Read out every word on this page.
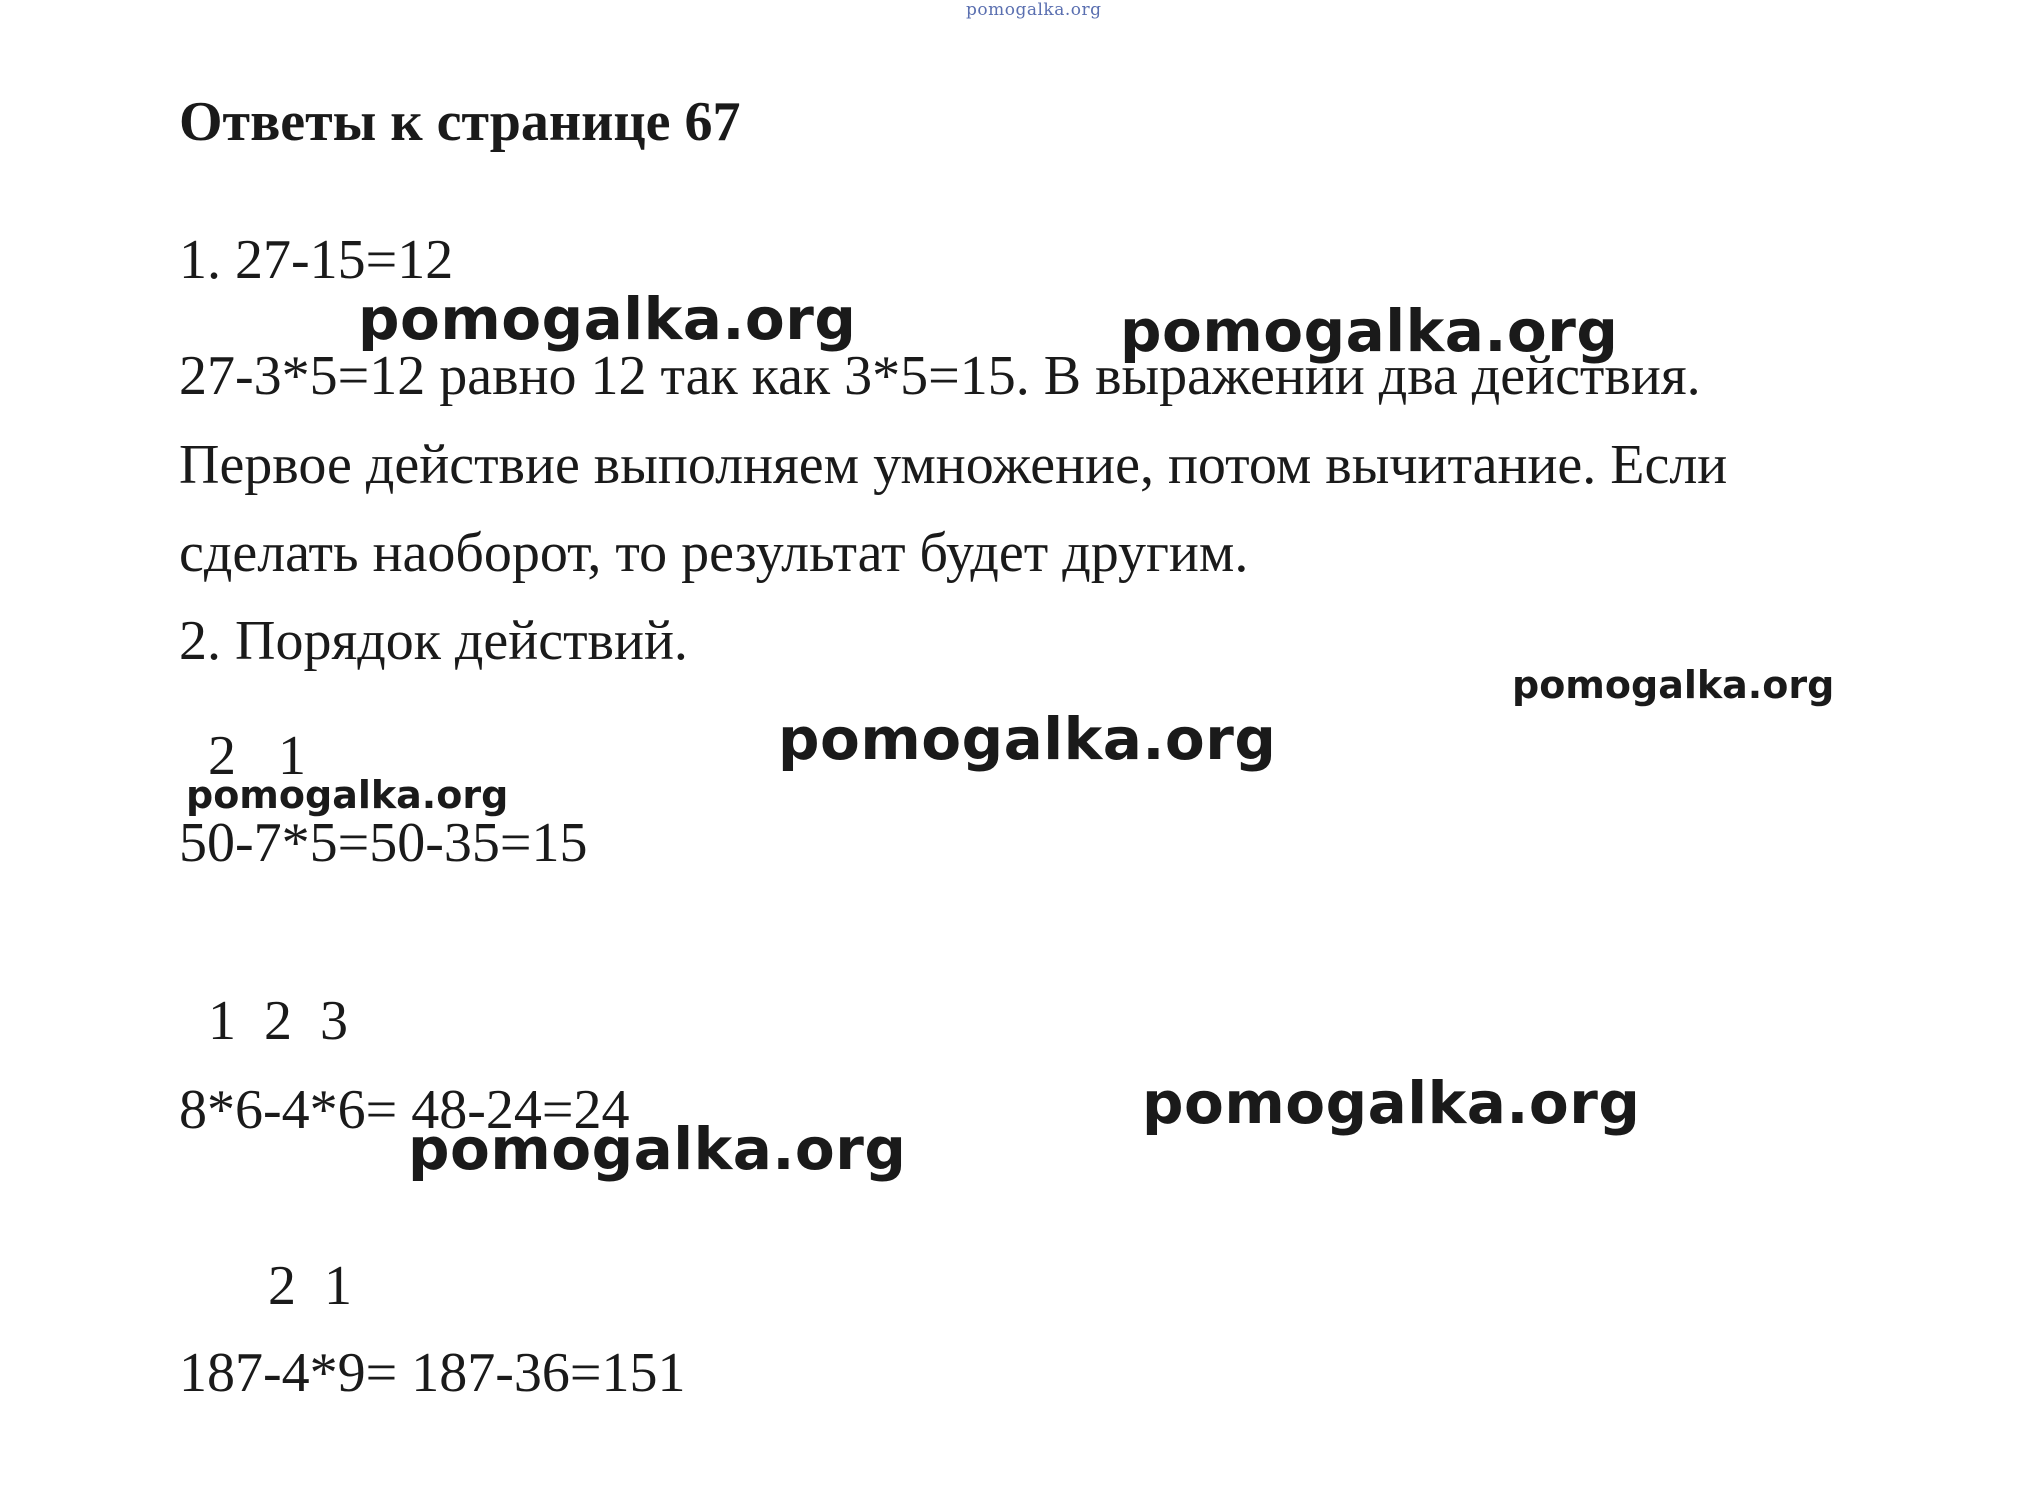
pomogalka.org
Ответы к странице 67
1. 27-15=12
pomogalka.org	pomogalka.org
27-3*5=12 равно 12 так как 3*5=15. В выражении два действия.
Первое действие выполняем умножение, потом вычитание. Если
сделать наоборот, то результат будет другим.
2. Порядок действий.
pomogalka.org
2   1	pomogalka.org
pomogalka.org
50-7*5=50-35=15
1  2  3
8*6-4*6= 48-24=24	pomogalka.org
pomogalka.org
2  1
187-4*9= 187-36=151
